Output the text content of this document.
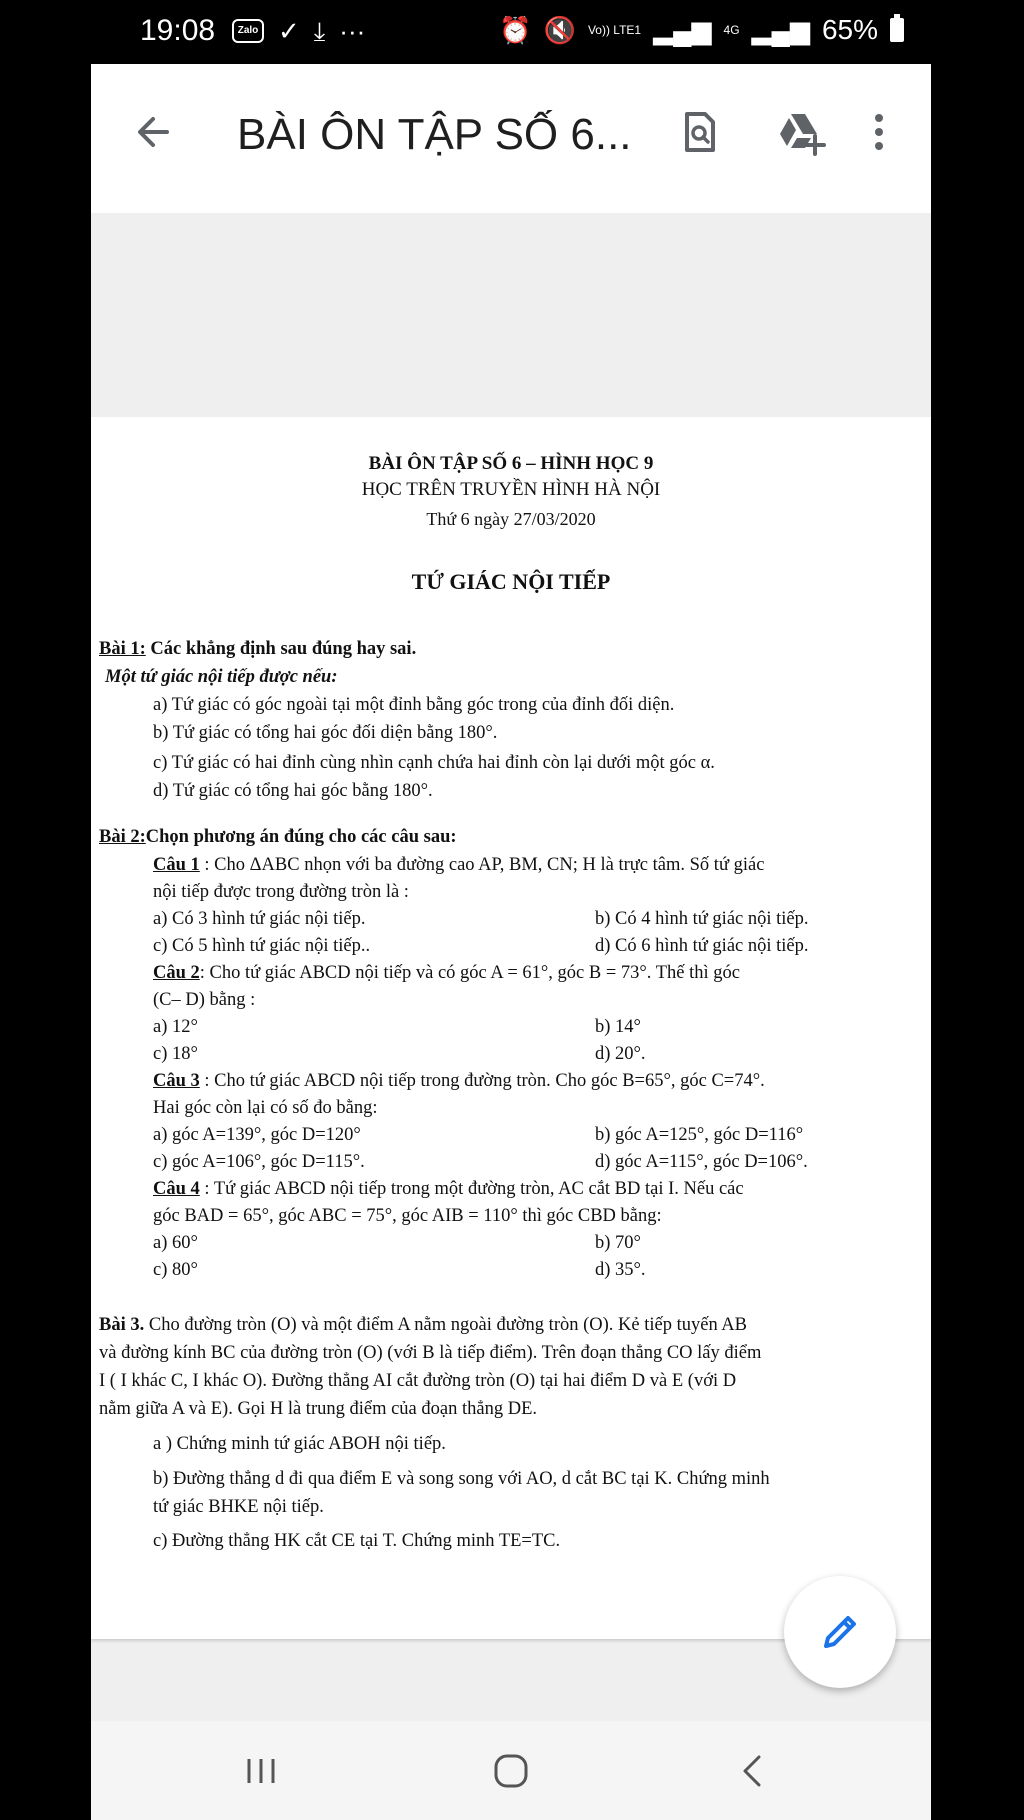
19:08	Zalo ✓ ⤓ ···	⏰ 🔇 Vo)) LTE1 ▂▄▆ 4G ▂▄▆ 65%
BÀI ÔN TẬP SỐ 6...
BÀI ÔN TẬP SỐ 6 – HÌNH HỌC 9
HỌC TRÊN TRUYỀN HÌNH HÀ NỘI
Thứ 6 ngày 27/03/2020
TỨ GIÁC NỘI TIẾP
Bài 1: Các khẳng định sau đúng hay sai.
Một tứ giác nội tiếp được nếu:
a) Tứ giác có góc ngoài tại một đỉnh bằng góc trong của đỉnh đối diện.
b) Tứ giác có tổng hai góc đối diện bằng 180°.
c) Tứ giác có hai đỉnh cùng nhìn cạnh chứa hai đỉnh còn lại dưới một góc α.
d) Tứ giác có tổng hai góc bằng 180°.
Bài 2:Chọn phương án đúng cho các câu sau:
Câu 1 : Cho ΔABC nhọn với ba đường cao AP, BM, CN; H là trực tâm. Số tứ giác
nội tiếp được trong đường tròn là :
a) Có 3 hình tứ giác nội tiếp.	b) Có 4 hình tứ giác nội tiếp.
c) Có 5 hình tứ giác nội tiếp..	d) Có 6 hình tứ giác nội tiếp.
Câu 2: Cho tứ giác ABCD nội tiếp và có góc A = 61°, góc B = 73°. Thế thì góc
(C– D) bằng :
a) 12°	b) 14°
c) 18°	d) 20°.
Câu 3 : Cho tứ giác ABCD nội tiếp trong đường tròn. Cho góc B=65°, góc C=74°.
Hai góc còn lại có số đo bằng:
a) góc A=139°, góc D=120°	b) góc A=125°, góc D=116°
c) góc A=106°, góc D=115°.	d) góc A=115°, góc D=106°.
Câu 4 : Tứ giác ABCD nội tiếp trong một đường tròn, AC cắt BD tại I. Nếu các
góc BAD = 65°, góc ABC = 75°, góc AIB = 110° thì góc CBD bằng:
a) 60°	b) 70°
c) 80°	d) 35°.
Bài 3. Cho đường tròn (O) và một điểm A nằm ngoài đường tròn (O). Kẻ tiếp tuyến AB
và đường kính BC của đường tròn (O) (với B là tiếp điểm). Trên đoạn thẳng CO lấy điểm
I ( I khác C, I khác O). Đường thẳng AI cắt đường tròn (O) tại hai điểm D và E (với D
nằm giữa A và E). Gọi H là trung điểm của đoạn thẳng DE.
a ) Chứng minh tứ giác ABOH nội tiếp.
b) Đường thẳng d đi qua điểm E và song song với AO, d cắt BC tại K. Chứng minh
tứ giác BHKE nội tiếp.
c) Đường thẳng HK cắt CE tại T. Chứng minh TE=TC.
